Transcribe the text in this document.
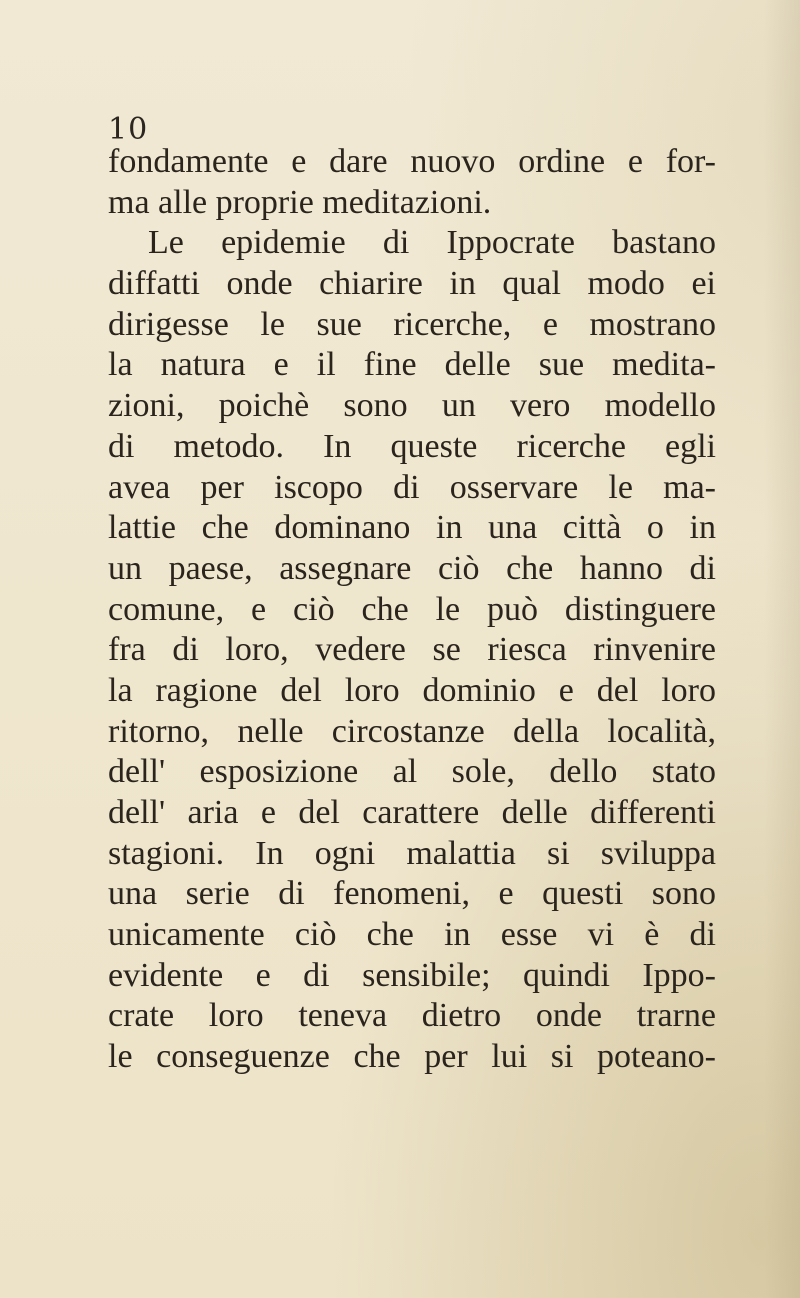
10

fondamente e dare nuovo ordine e for-
ma alle proprie meditazioni.
Le epidemie di Ippocrate bastano
diffatti onde chiarire in qual modo ei
dirigesse le sue ricerche, e mostrano
la natura e il fine delle sue medita-
zioni, poichè sono un vero modello
di metodo. In queste ricerche egli
avea per iscopo di osservare le ma-
lattie che dominano in una città o in
un paese, assegnare ciò che hanno di
comune, e ciò che le può distinguere
fra di loro, vedere se riesca rinvenire
la ragione del loro dominio e del loro
ritorno, nelle circostanze della località,
dell' esposizione al sole, dello stato
dell' aria e del carattere delle differenti
stagioni. In ogni malattia si sviluppa
una serie di fenomeni, e questi sono
unicamente ciò che in esse vi è di
evidente e di sensibile; quindi Ippo-
crate loro teneva dietro onde trarne
le conseguenze che per lui si poteano-
